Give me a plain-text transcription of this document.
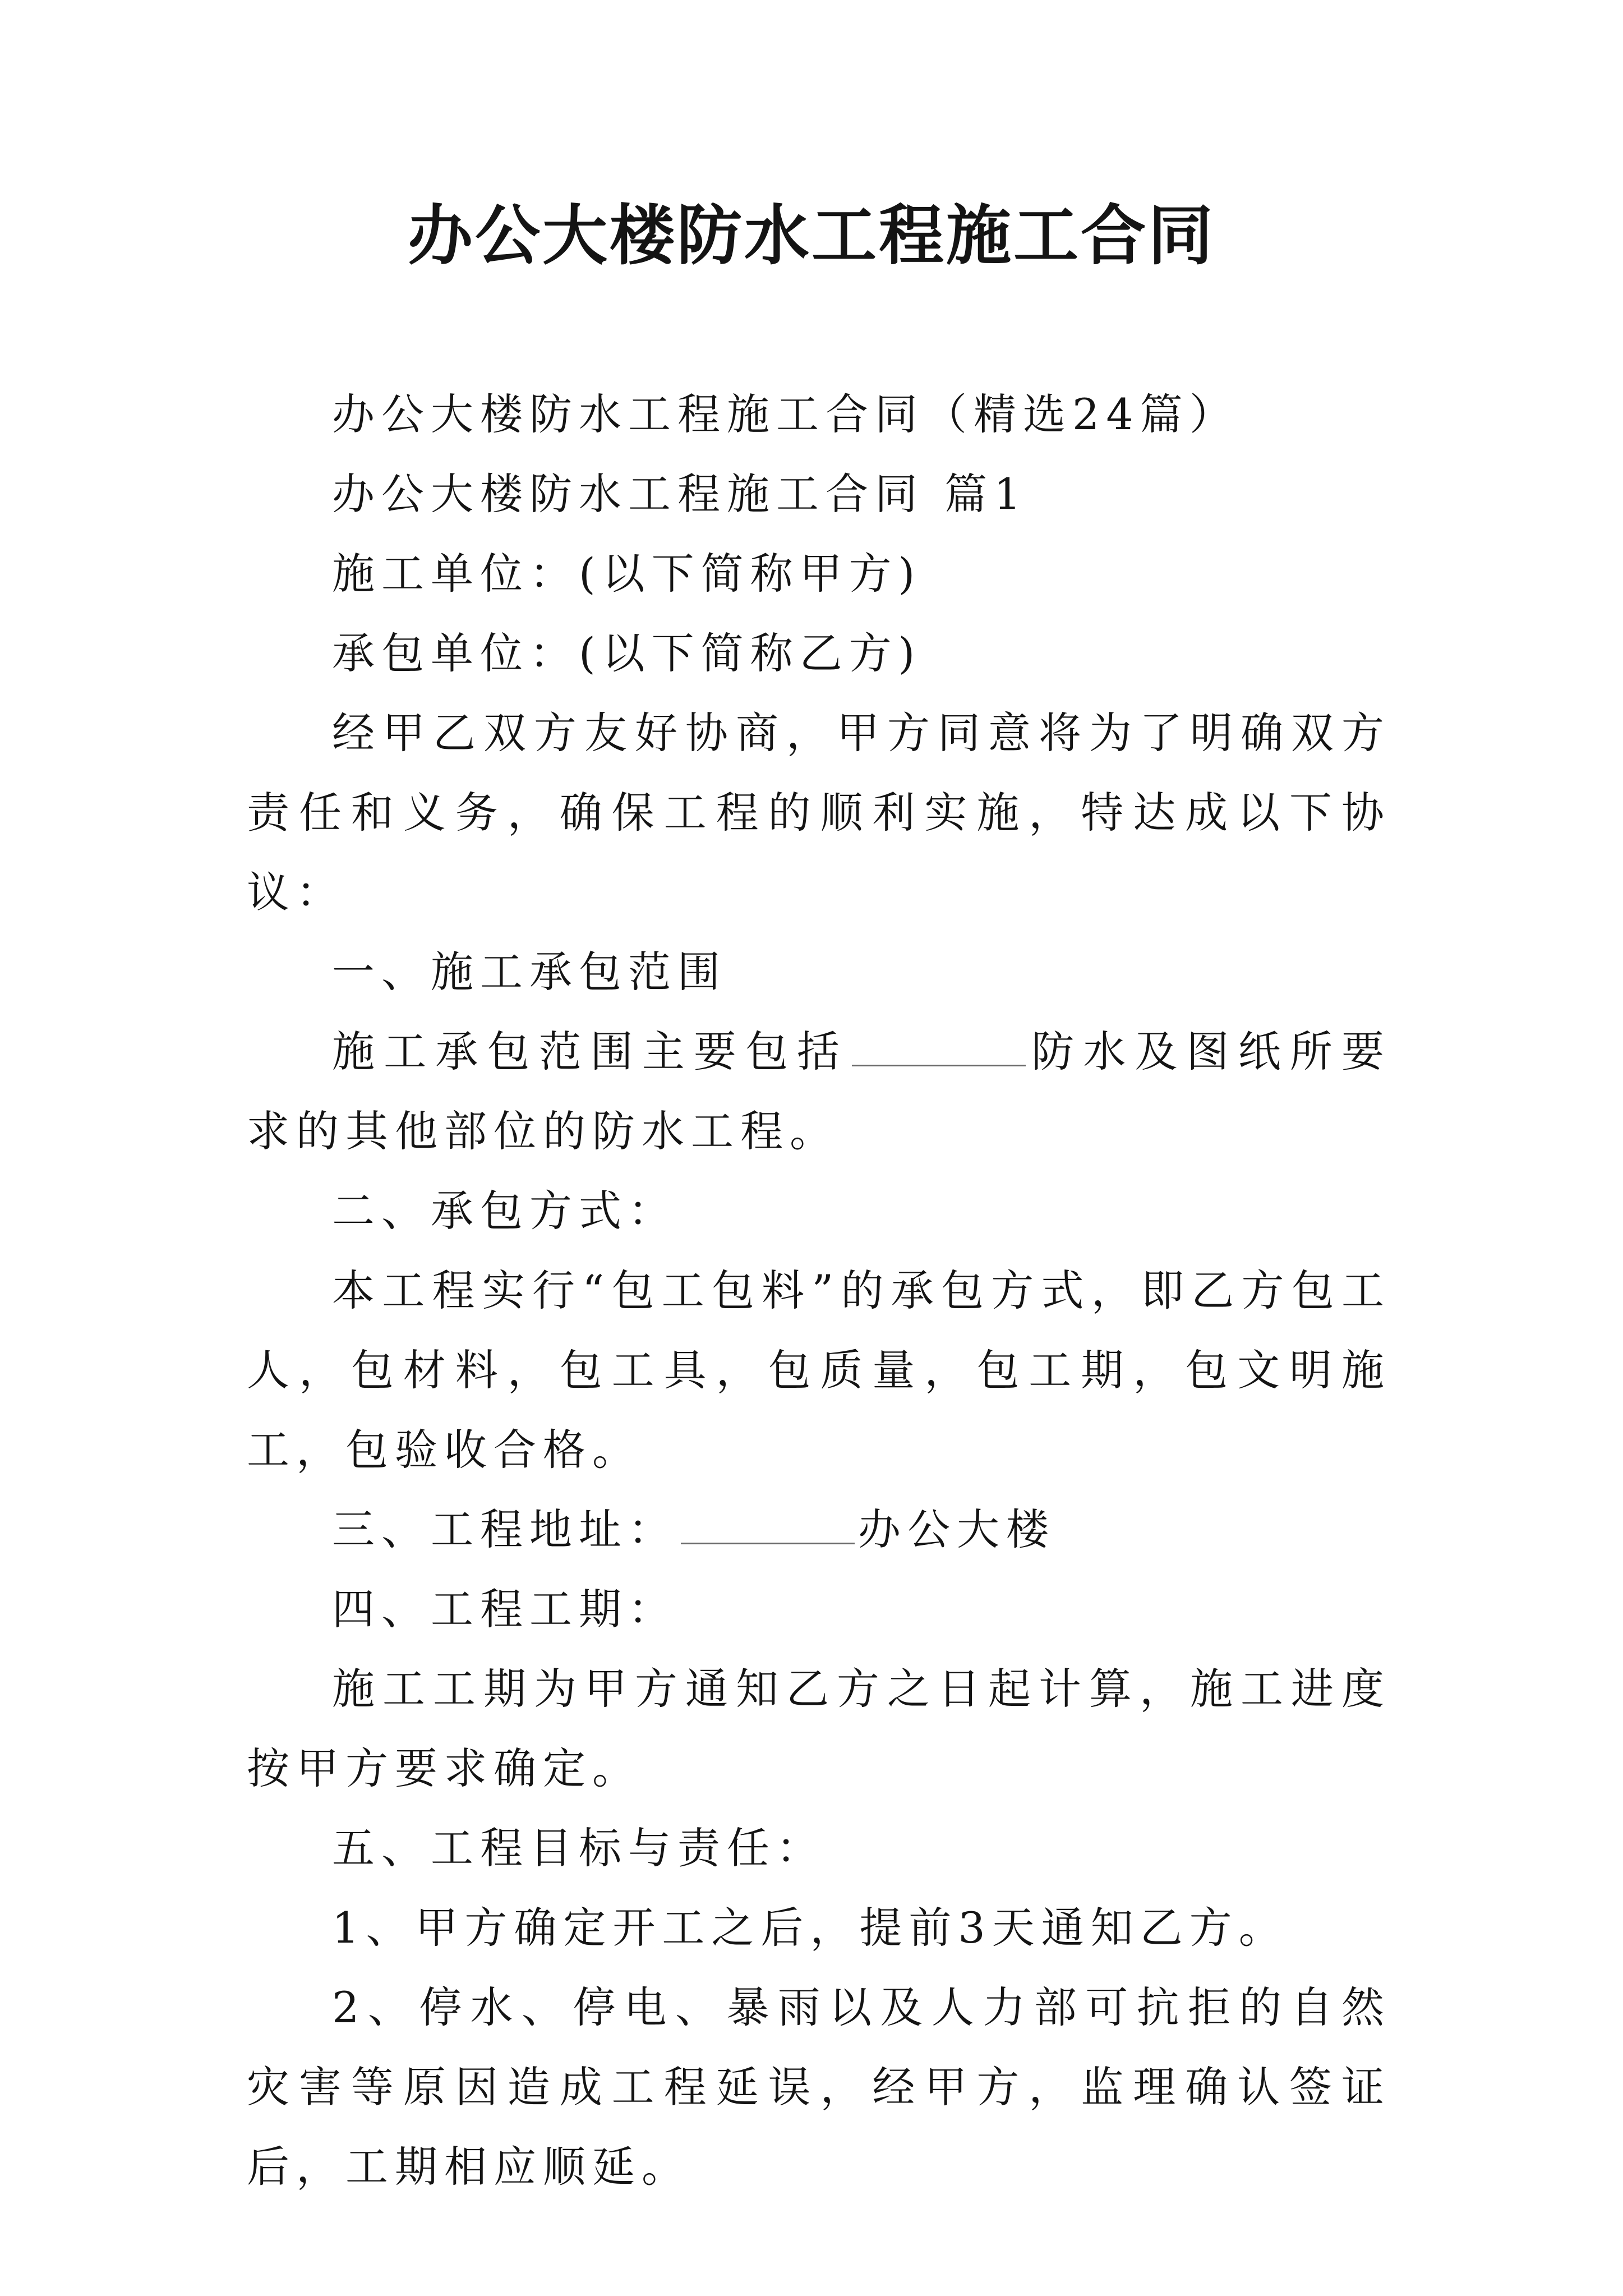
办公大楼防水工程施工合同

办公大楼防水工程施工合同（精选24篇）

办公大楼防水工程施工合同 篇1

施工单位：(以下简称甲方)

承包单位：(以下简称乙方)

经甲乙双方友好协商，甲方同意将为了明确双方责任和义务，确保工程的顺利实施，特达成以下协议：

一、施工承包范围

施工承包范围主要包括	防水及图纸所要求的其他部位的防水工程。

二、承包方式：

本工程实行“包工包料”的承包方式，即乙方包工人，包材料，包工具，包质量，包工期，包文明施工，包验收合格。

三、工程地址：	办公大楼

四、工程工期：

施工工期为甲方通知乙方之日起计算，施工进度按甲方要求确定。

五、工程目标与责任：

1、甲方确定开工之后，提前3天通知乙方。

2、停水、停电、暴雨以及人力部可抗拒的自然灾害等原因造成工程延误，经甲方，监理确认签证后，工期相应顺延。
